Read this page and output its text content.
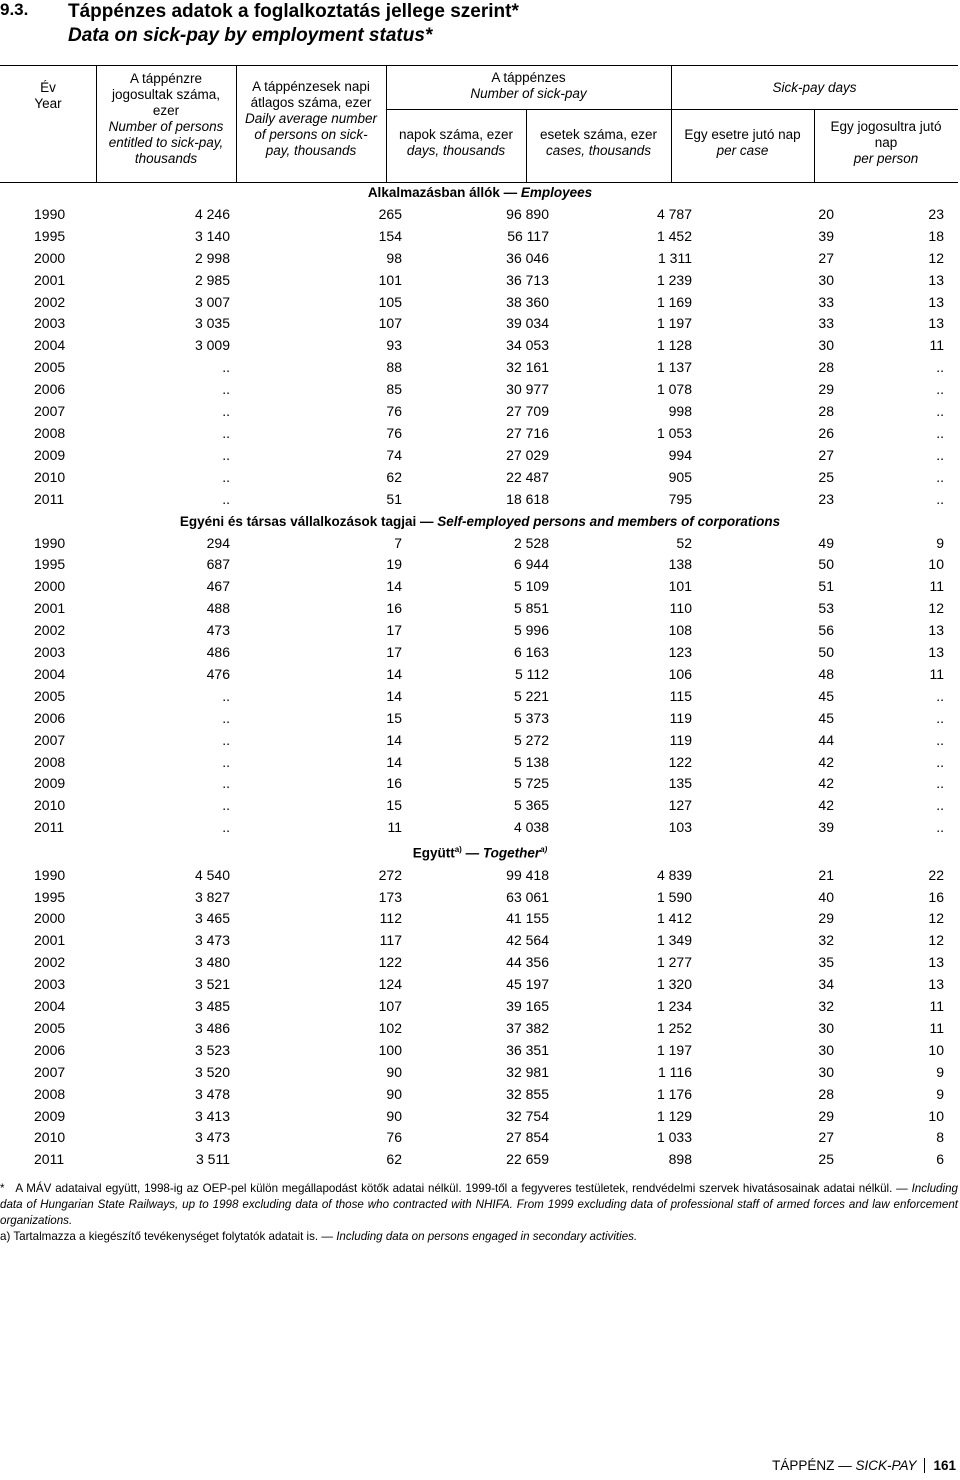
9.3. Táppénzes adatok a foglalkoztatás jellege szerint*
Data on sick-pay by employment status*
Év
Year
A táppénzre
jogosultak száma,
ezer
Number of persons
entitled to sick-pay,
thousands
A táppénzesek napi
átlagos száma, ezer
Daily average number
of persons on sick-
pay, thousands
A táppénzes
Number of sick-pay
napok száma, ezer
days, thousands
esetek száma, ezer
cases, thousands
Sick-pay days
Egy esetre jutó nap
per case
Egy jogosultra jutó
nap
per person
Alkalmazásban állók — Employees						
1990	4 246	265	96 890	4 787	20	23
1995	3 140	154	56 117	1 452	39	18
2000	2 998	98	36 046	1 311	27	12
2001	2 985	101	36 713	1 239	30	13
2002	3 007	105	38 360	1 169	33	13
2003	3 035	107	39 034	1 197	33	13
2004	3 009	93	34 053	1 128	30	11
2005	..	88	32 161	1 137	28	..
2006	..	85	30 977	1 078	29	..
2007	..	76	27 709	998	28	..
2008	..	76	27 716	1 053	26	..
2009	..	74	27 029	994	27	..
2010	..	62	22 487	905	25	..
2011	..	51	18 618	795	23	..
Egyéni és társas vállalkozások tagjai — Self-employed persons and members of corporations						
1990	294	7	2 528	52	49	9
1995	687	19	6 944	138	50	10
2000	467	14	5 109	101	51	11
2001	488	16	5 851	110	53	12
2002	473	17	5 996	108	56	13
2003	486	17	6 163	123	50	13
2004	476	14	5 112	106	48	11
2005	..	14	5 221	115	45	..
2006	..	15	5 373	119	45	..
2007	..	14	5 272	119	44	..
2008	..	14	5 138	122	42	..
2009	..	16	5 725	135	42	..
2010	..	15	5 365	127	42	..
2011	..	11	4 038	103	39	..
Együtt$^{a)}$ — Together$^{a)}$
1990	4 540	272	99 418	4 839	21	22
1995	3 827	173	63 061	1 590	40	16
2000	3 465	112	41 155	1 412	29	12
2001	3 473	117	42 564	1 349	32	12
2002	3 480	122	44 356	1 277	35	13
2003	3 521	124	45 197	1 320	34	13
2004	3 485	107	39 165	1 234	32	11
2005	3 486	102	37 382	1 252	30	11
2006	3 523	100	36 351	1 197	30	10
2007	3 520	90	32 981	1 116	30	9
2008	3 478	90	32 855	1 176	28	9
2009	3 413	90	32 754	1 129	29	10
2010	3 473	76	27 854	1 033	27	8
2011	3 511	62	22 659	898	25	6

* A MÁV adataival együtt, 1998-ig az OEP-pel külön megállapodást kötők adatai nélkül. 1999-től a fegyveres testületek, rendvédelmi szervek hivatásosainak adatai nélkül. — Including data of Hungarian State Railways, up to 1998 excluding data of those who contracted with NHIFA. From 1999 excluding data of professional staff of armed forces and law enforcement organizations.

a) Tartalmazza a kiegészítő tevékenységet folytatók adatait is. — Including data on persons engaged in secondary activities.

TÁPPÉNZ — SICK-PAY 161
